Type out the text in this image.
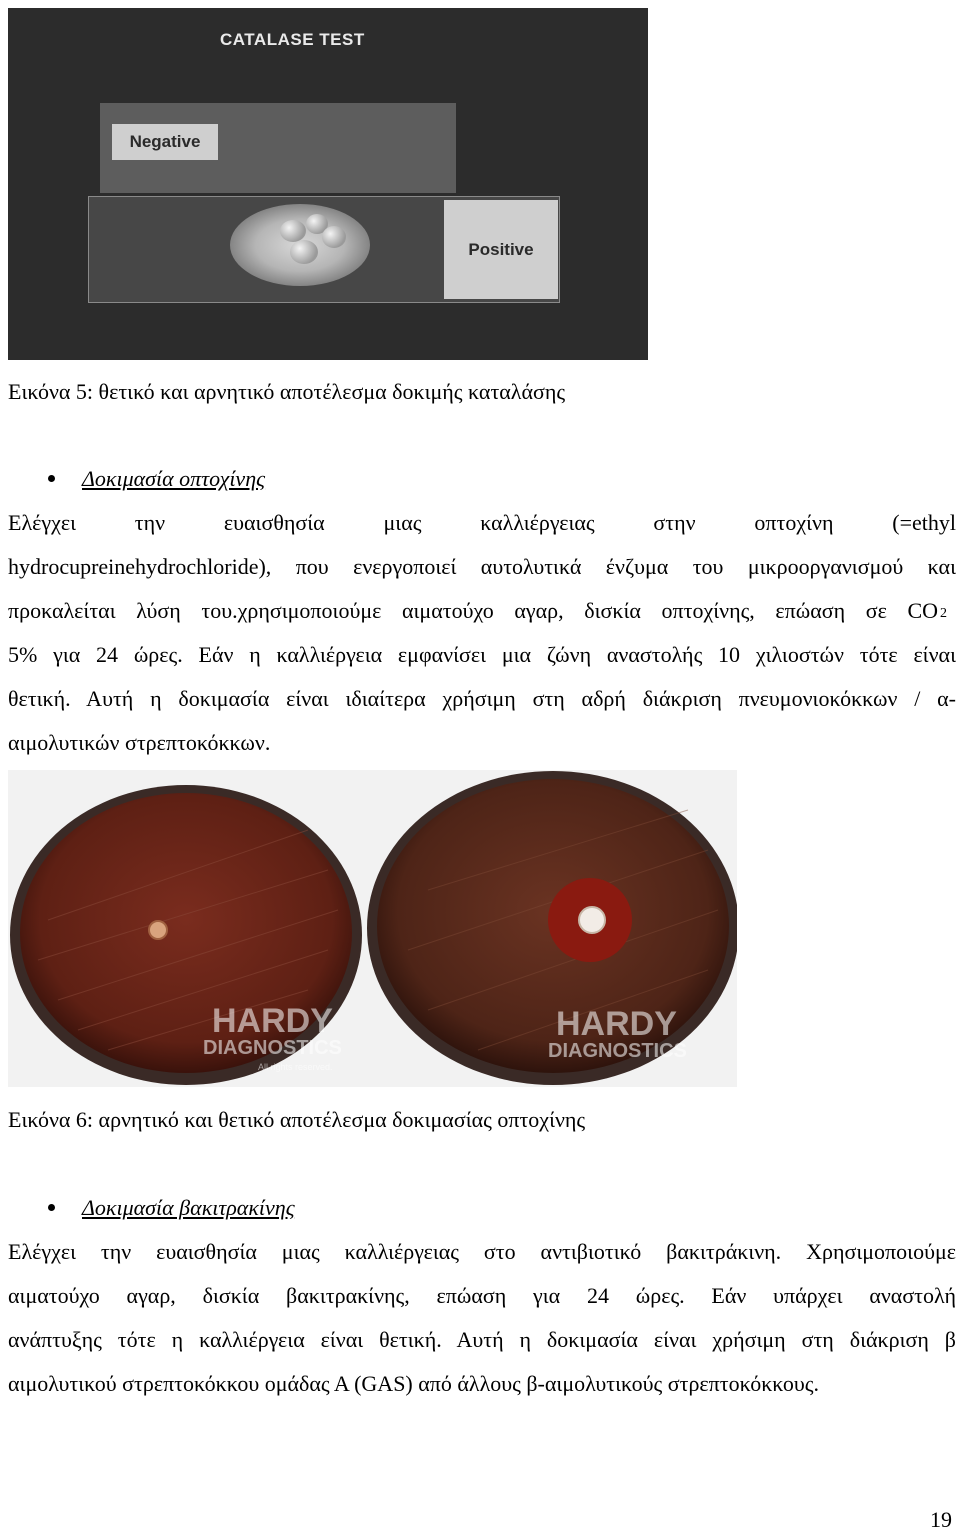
CATALASE TEST
Negative
Positive
Εικόνα 5: θετικό και αρνητικό αποτέλεσμα δοκιμής καταλάσης
Δοκιμασία οπτοχίνης
Ελέγχει την ευαισθησία μιας καλλιέργειας στην οπτοχίνη (=ethyl
hydrocupreinehydrochloride), που ενεργοποιεί αυτολυτικά ένζυμα του μικροοργανισμού και
προκαλείται λύση του.χρησιμοποιούμε αιματούχο αγαρ, δισκία οπτοχίνης, επώαση σε CO 2
5% για 24 ώρες. Εάν η καλλιέργεια εμφανίσει μια ζώνη αναστολής 10 χιλιοστών τότε είναι
θετική. Αυτή η δοκιμασία είναι ιδιαίτερα χρήσιμη στη αδρή διάκριση πνευμονιοκόκκων / α-
αιμολυτικών στρεπτοκόκκων.
HARDY
DIAGNOSTICS
HARDY
DIAGNOSTICS
All rights reserved.
Εικόνα 6: αρνητικό και θετικό αποτέλεσμα δοκιμασίας οπτοχίνης
Δοκιμασία βακιτρακίνης
Ελέγχει την ευαισθησία μιας καλλιέργειας στο αντιβιοτικό βακιτράκινη. Χρησιμοποιούμε
αιματούχο αγαρ, δισκία βακιτρακίνης, επώαση για 24 ώρες. Εάν υπάρχει αναστολή
ανάπτυξης τότε η καλλιέργεια είναι θετική. Αυτή η δοκιμασία είναι χρήσιμη στη διάκριση β
αιμολυτικού στρεπτοκόκκου ομάδας Α (GAS) από άλλους β-αιμολυτικούς στρεπτοκόκκους.
19
